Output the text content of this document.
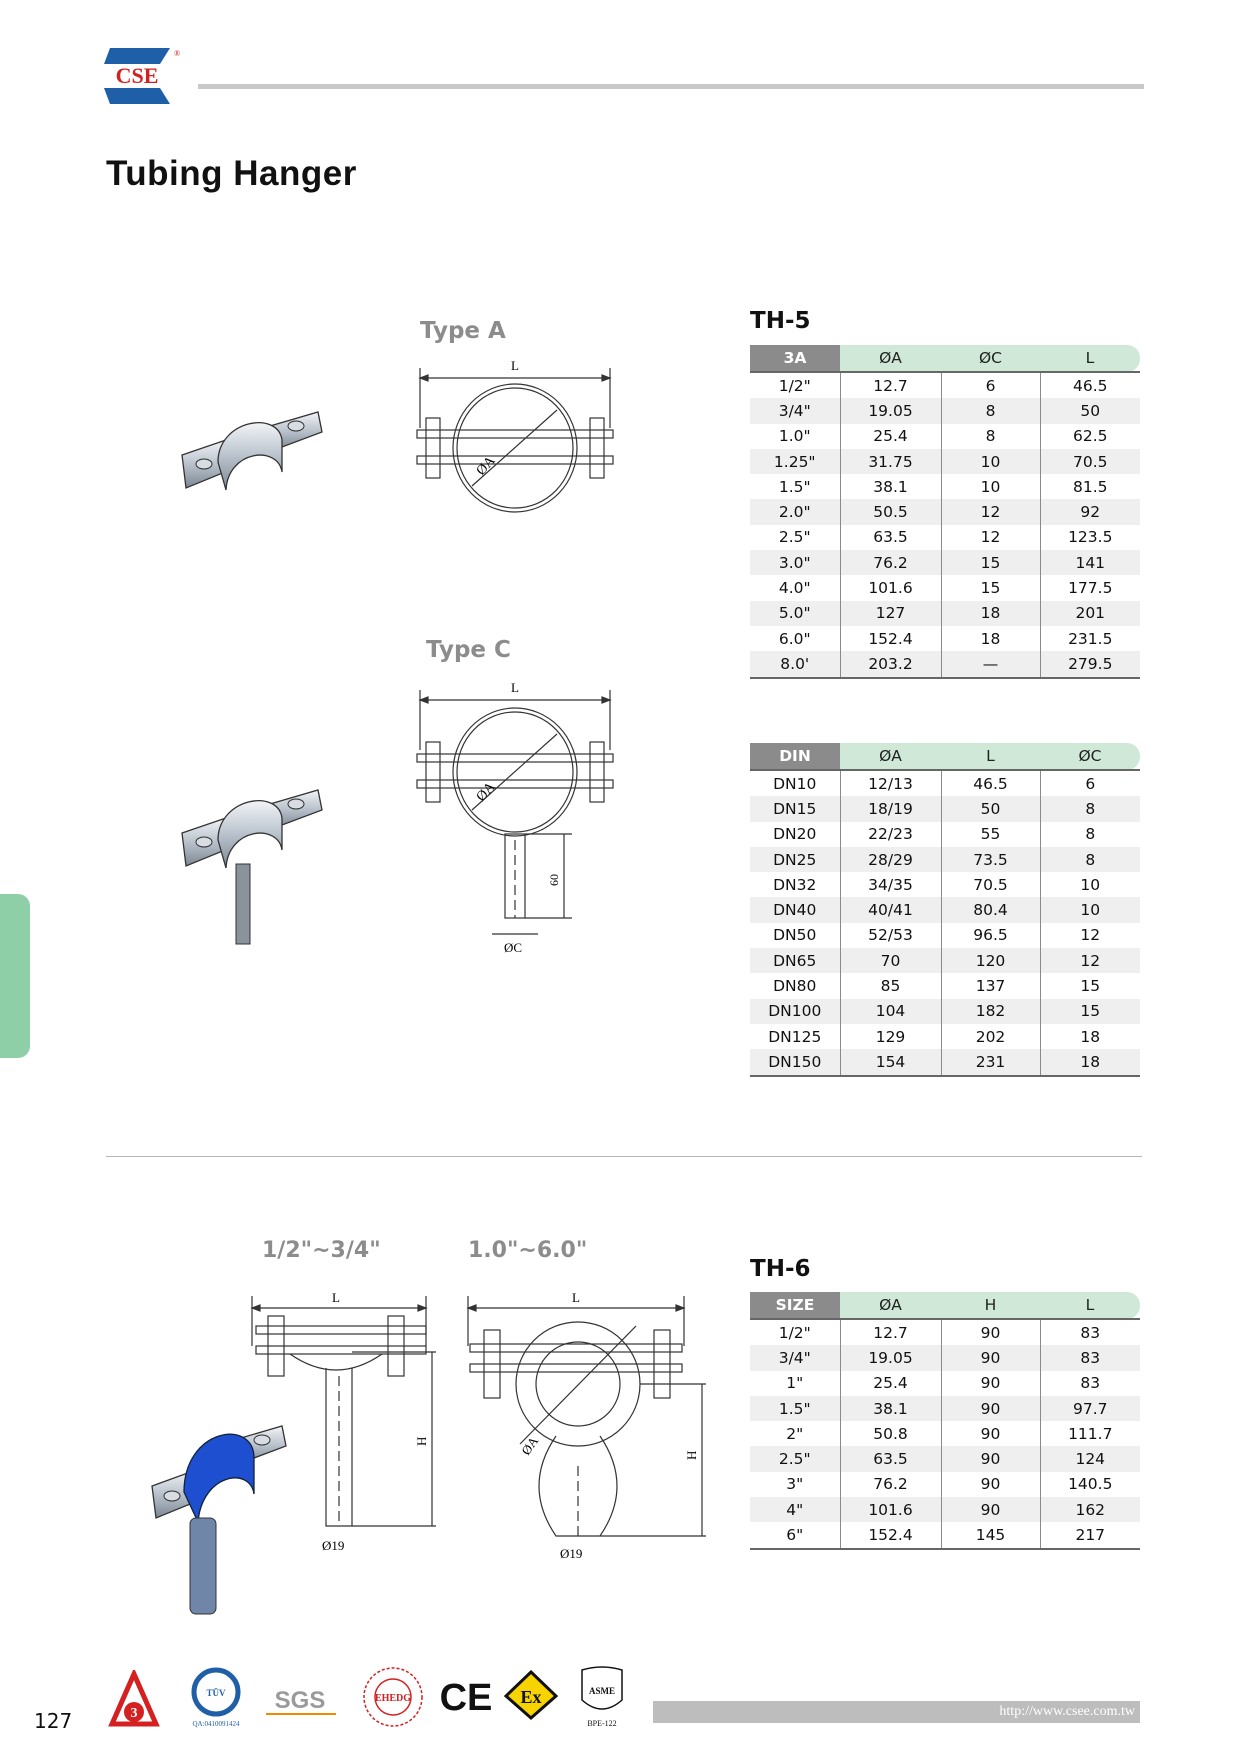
CSE
®
Tubing Hanger
Type A
Type C
TH-5
L
ØA
L
ØA
60
ØC
3A	ØA	ØC	L
1/2"	12.7	6	46.5
3/4"	19.05	8	50
1.0"	25.4	8	62.5
1.25"	31.75	10	70.5
1.5"	38.1	10	81.5
2.0"	50.5	12	92
2.5"	63.5	12	123.5
3.0"	76.2	15	141
4.0"	101.6	15	177.5
5.0"	127	18	201
6.0"	152.4	18	231.5
8.0'	203.2	—	279.5
DIN	ØA	L	ØC
DN10	12/13	46.5	6
DN15	18/19	50	8
DN20	22/23	55	8
DN25	28/29	73.5	8
DN32	34/35	70.5	10
DN40	40/41	80.4	10
DN50	52/53	96.5	12
DN65	70	120	12
DN80	85	137	15
DN100	104	182	15
DN125	129	202	18
DN150	154	231	18
1/2"~3/4"	1.0"~6.0"
TH-6
L
H
Ø19
L
ØA	H
Ø19
SIZE	ØA	H	L
1/2"	12.7	90	83
3/4"	19.05	90	83
1"	25.4	90	83
1.5"	38.1	90	97.7
2"	50.8	90	111.7
2.5"	63.5	90	124
3"	76.2	90	140.5
4"	101.6	90	162
6"	152.4	145	217
127	3
TÜV
QA:0410091424
SGS	EHEDG CE Ex	ASME
BPE-122
http://www.csee.com.tw
